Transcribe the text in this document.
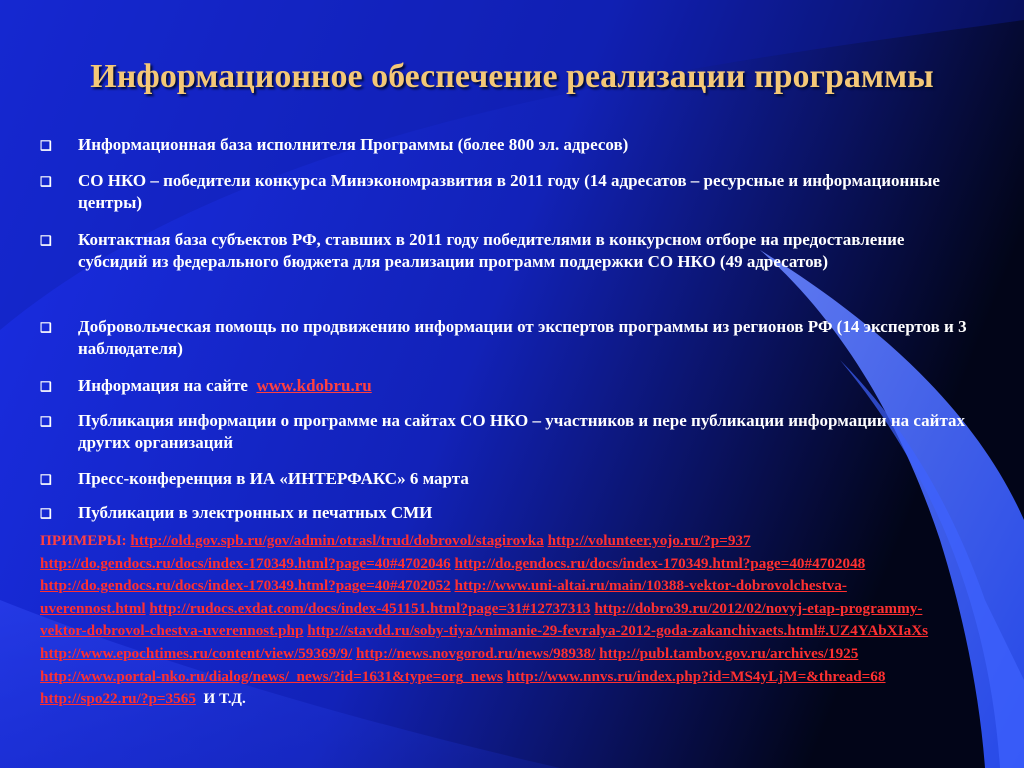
Информационное обеспечение реализации программы
❑	Информационная база исполнителя Программы (более 800 эл. адресов)
❑	СО НКО – победители конкурса Минэкономразвития в 2011 году (14 адресатов – ресурсные и информационные центры)
❑	Контактная база субъектов РФ, ставших в 2011 году победителями в конкурсном отборе на предоставление субсидий из федерального бюджета для реализации программ поддержки СО НКО (49 адресатов)
❑	Добровольческая помощь по продвижению информации от экспертов программы из регионов РФ (14 экспертов и 3 наблюдателя)
❑	Информация на сайте www.kdobru.ru
❑	Публикация информации о программе на сайтах СО НКО – участников и пере публикации информации на сайтах других организаций
❑	Пресс-конференция в ИА «ИНТЕРФАКС» 6 марта
❑	Публикации в электронных и печатных СМИ
ПРИМЕРЫ: http://old.gov.spb.ru/gov/admin/otrasl/trud/dobrovol/stagirovka http://volunteer.yojo.ru/?p=937 http://do.gendocs.ru/docs/index-170349.html?page=40#4702046 http://do.gendocs.ru/docs/index-170349.html?page=40#4702048 http://do.gendocs.ru/docs/index-170349.html?page=40#4702052 http://www.uni-altai.ru/main/10388-vektor-dobrovolchestva-uverennost.html http://rudocs.exdat.com/docs/index-451151.html?page=31#12737313 http://dobro39.ru/2012/02/novyj-etap-programmy-vektor-dobrovol-chestva-uverennost.php http://stavdd.ru/soby-tiya/vnimanie-29-fevralya-2012-goda-zakanchivaets.html#.UZ4YAbXIaXs http://www.epochtimes.ru/content/view/59369/9/ http://news.novgorod.ru/news/98938/ http://publ.tambov.gov.ru/archives/1925 http://www.portal-nko.ru/dialog/news/_news/?id=1631&type=org_news http://www.nnvs.ru/index.php?id=MS4yLjM=&thread=68 http://spo22.ru/?p=3565 И Т.Д.
